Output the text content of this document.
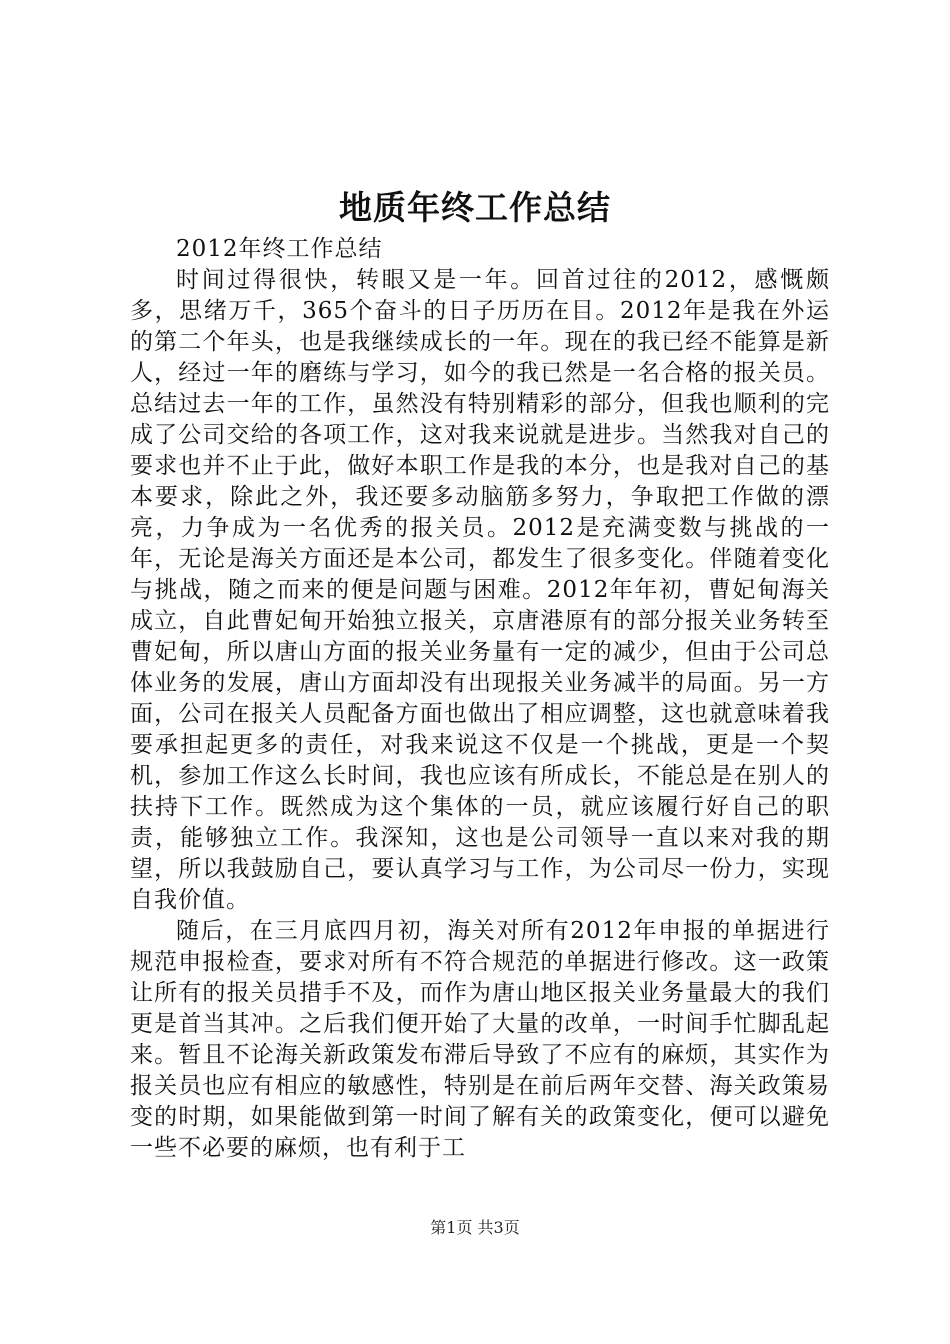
地质年终工作总结

2012年终工作总结

时间过得很快，转眼又是一年。回首过往的2012，感慨颇多，思绪万千，365个奋斗的日子历历在目。2012年是我在外运的第二个年头，也是我继续成长的一年。现在的我已经不能算是新人，经过一年的磨练与学习，如今的我已然是一名合格的报关员。总结过去一年的工作，虽然没有特别精彩的部分，但我也顺利的完成了公司交给的各项工作，这对我来说就是进步。当然我对自己的要求也并不止于此，做好本职工作是我的本分，也是我对自己的基本要求，除此之外，我还要多动脑筋多努力，争取把工作做的漂亮，力争成为一名优秀的报关员。2012是充满变数与挑战的一年，无论是海关方面还是本公司，都发生了很多变化。伴随着变化与挑战，随之而来的便是问题与困难。2012年年初，曹妃甸海关成立，自此曹妃甸开始独立报关，京唐港原有的部分报关业务转至曹妃甸，所以唐山方面的报关业务量有一定的减少，但由于公司总体业务的发展，唐山方面却没有出现报关业务减半的局面。另一方面，公司在报关人员配备方面也做出了相应调整，这也就意味着我要承担起更多的责任，对我来说这不仅是一个挑战，更是一个契机，参加工作这么长时间，我也应该有所成长，不能总是在别人的扶持下工作。既然成为这个集体的一员，就应该履行好自己的职责，能够独立工作。我深知，这也是公司领导一直以来对我的期望，所以我鼓励自己，要认真学习与工作，为公司尽一份力，实现自我价值。

随后，在三月底四月初，海关对所有2012年申报的单据进行规范申报检查，要求对所有不符合规范的单据进行修改。这一政策让所有的报关员措手不及，而作为唐山地区报关业务量最大的我们更是首当其冲。之后我们便开始了大量的改单，一时间手忙脚乱起来。暂且不论海关新政策发布滞后导致了不应有的麻烦，其实作为报关员也应有相应的敏感性，特别是在前后两年交替、海关政策易变的时期，如果能做到第一时间了解有关的政策变化，便可以避免一些不必要的麻烦，也有利于工

第1页 共3页
